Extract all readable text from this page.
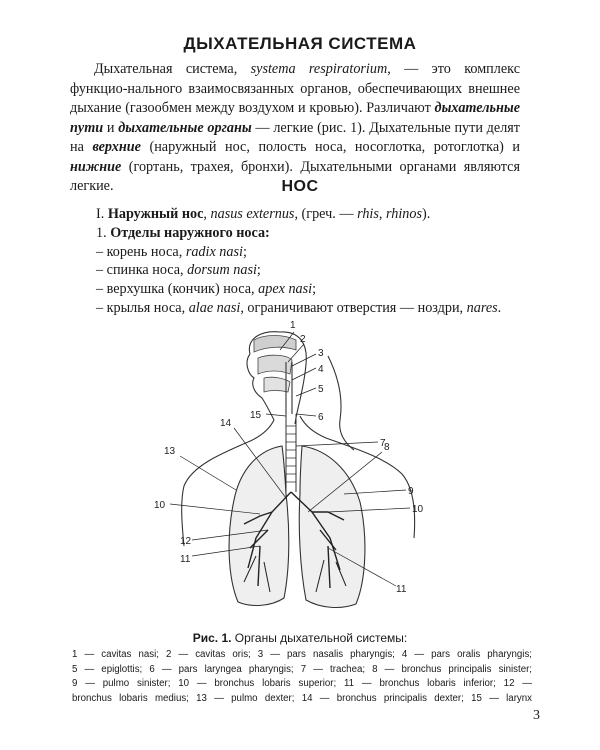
ДЫХАТЕЛЬНАЯ СИСТЕМА

Дыхательная система, systema respiratorium, — это комплекс функцио-нального взаимосвязанных органов, обеспечивающих внешнее дыхание (газообмен между воздухом и кровью). Различают дыхательные пути и дыхательные органы — легкие (рис. 1). Дыхательные пути делят на верхние (наружный нос, полость носа, носоглотка, ротоглотка) и нижние (гортань, трахея, бронхи). Дыхательными органами являются легкие.	НОС
I. Наружный нос, nasus externus, (греч. — rhis, rhinos).
1. Отделы наружного носа:
– корень носа, radix nasi;
– спинка носа, dorsum nasi;
– верхушка (кончик) носа, apex nasi;
– крылья носа, alae nasi, ограничивают отверстия — ноздри, nares.
1
2
3
4
5
6
7
8
9
10	10
11
11
12
13
14
15

Рис. 1. Органы дыхательной системы:

1 — cavitas nasi; 2 — cavitas oris; 3 — pars nasalis pharyngis; 4 — pars oralis pharyngis;
5 — epiglottis; 6 — pars laryngea pharyngis; 7 — trachea; 8 — bronchus principalis sinister;
9 — pulmo sinister; 10 — bronchus lobaris superior; 11 — bronchus lobaris inferior; 12 —
bronchus lobaris medius; 13 — pulmo dexter; 14 — bronchus principalis dexter; 15 — larynx

3
